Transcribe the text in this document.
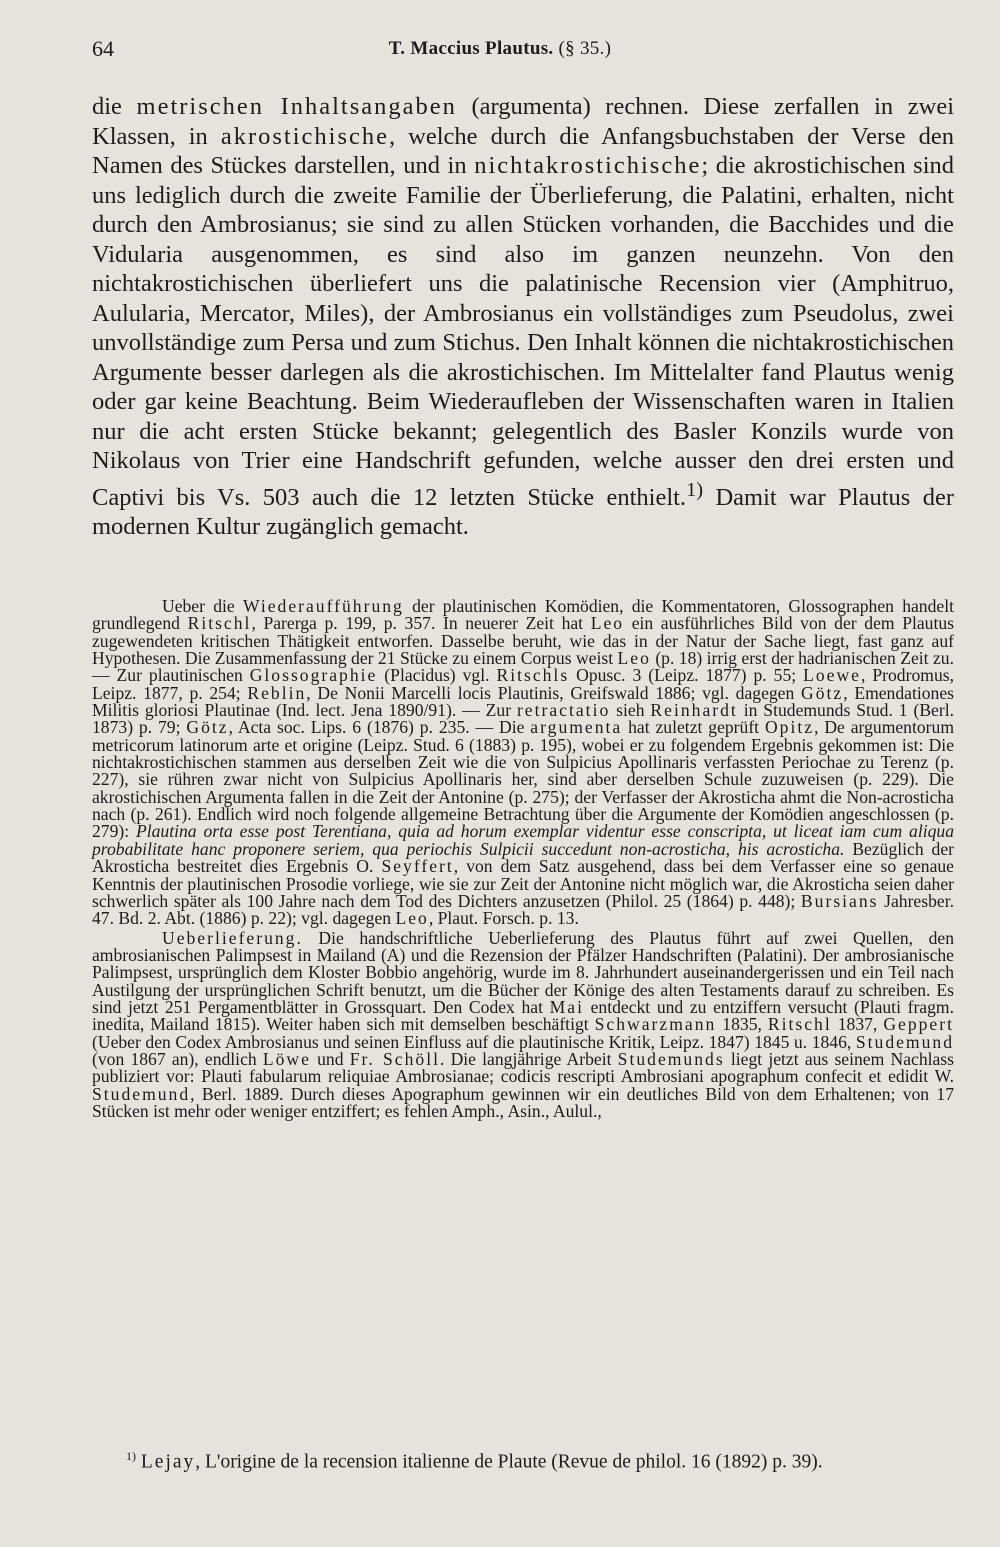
64	T. Maccius Plautus. (§ 35.)

die metrischen Inhaltsangaben (argumenta) rechnen. Diese zerfallen in zwei Klassen, in akrostichische, welche durch die Anfangsbuchstaben der Verse den Namen des Stückes darstellen, und in nichtakrostichische; die akrostichischen sind uns lediglich durch die zweite Familie der Überlieferung, die Palatini, erhalten, nicht durch den Ambrosianus; sie sind zu allen Stücken vorhanden, die Bacchides und die Vidularia ausgenommen, es sind also im ganzen neunzehn. Von den nichtakrostichischen überliefert uns die palatinische Recension vier (Amphitruo, Aulularia, Mercator, Miles), der Ambrosianus ein vollständiges zum Pseudolus, zwei unvollständige zum Persa und zum Stichus. Den Inhalt können die nichtakrostichischen Argumente besser darlegen als die akrostichischen. Im Mittelalter fand Plautus wenig oder gar keine Beachtung. Beim Wiederaufleben der Wissenschaften waren in Italien nur die acht ersten Stücke bekannt; gelegentlich des Basler Konzils wurde von Nikolaus von Trier eine Handschrift gefunden, welche ausser den drei ersten und Captivi bis Vs. 503 auch die 12 letzten Stücke enthielt.$^{1)}$ Damit war Plautus der modernen Kultur zugänglich gemacht.

Ueber die Wiederaufführung der plautinischen Komödien, die Kommentatoren, Glossographen handelt grundlegend Ritschl, Parerga p. 199, p. 357. In neuerer Zeit hat Leo ein ausführliches Bild von der dem Plautus zugewendeten kritischen Thätigkeit entworfen. Dasselbe beruht, wie das in der Natur der Sache liegt, fast ganz auf Hypothesen. Die Zusammenfassung der 21 Stücke zu einem Corpus weist Leo (p. 18) irrig erst der hadrianischen Zeit zu. — Zur plautinischen Glossographie (Placidus) vgl. Ritschls Opusc. 3 (Leipz. 1877) p. 55; Loewe, Prodromus, Leipz. 1877, p. 254; Reblin, De Nonii Marcelli locis Plautinis, Greifswald 1886; vgl. dagegen Götz, Emendationes Militis gloriosi Plautinae (Ind. lect. Jena 1890/91). — Zur retractatio sieh Reinhardt in Studemunds Stud. 1 (Berl. 1873) p. 79; Götz, Acta soc. Lips. 6 (1876) p. 235. — Die argumenta hat zuletzt geprüft Opitz, De argumentorum metricorum latinorum arte et origine (Leipz. Stud. 6 (1883) p. 195), wobei er zu folgendem Ergebnis gekommen ist: Die nichtakrostichischen stammen aus derselben Zeit wie die von Sulpicius Apollinaris verfassten Periochae zu Terenz (p. 227), sie rühren zwar nicht von Sulpicius Apollinaris her, sind aber derselben Schule zuzuweisen (p. 229). Die akrostichischen Argumenta fallen in die Zeit der Antonine (p. 275); der Verfasser der Akrosticha ahmt die Non-acrosticha nach (p. 261). Endlich wird noch folgende allgemeine Betrachtung über die Argumente der Komödien angeschlossen (p. 279): Plautina orta esse post Terentiana, quia ad horum exemplar videntur esse conscripta, ut liceat iam cum aliqua probabilitate hanc proponere seriem, qua periochis Sulpicii succedunt non-acrosticha, his acrosticha. Bezüglich der Akrosticha bestreitet dies Ergebnis O. Seyffert, von dem Satz ausgehend, dass bei dem Verfasser eine so genaue Kenntnis der plautinischen Prosodie vorliege, wie sie zur Zeit der Antonine nicht möglich war, die Akrosticha seien daher schwerlich später als 100 Jahre nach dem Tod des Dichters anzusetzen (Philol. 25 (1864) p. 448); Bursians Jahresber. 47. Bd. 2. Abt. (1886) p. 22); vgl. dagegen Leo, Plaut. Forsch. p. 13.

Ueberlieferung. Die handschriftliche Ueberlieferung des Plautus führt auf zwei Quellen, den ambrosianischen Palimpsest in Mailand (A) und die Rezension der Pfälzer Handschriften (Palatini). Der ambrosianische Palimpsest, ursprünglich dem Kloster Bobbio angehörig, wurde im 8. Jahrhundert auseinandergerissen und ein Teil nach Austilgung der ursprünglichen Schrift benutzt, um die Bücher der Könige des alten Testaments darauf zu schreiben. Es sind jetzt 251 Pergamentblätter in Grossquart. Den Codex hat Mai entdeckt und zu entziffern versucht (Plauti fragm. inedita, Mailand 1815). Weiter haben sich mit demselben beschäftigt Schwarzmann 1835, Ritschl 1837, Geppert (Ueber den Codex Ambrosianus und seinen Einfluss auf die plautinische Kritik, Leipz. 1847) 1845 u. 1846, Studemund (von 1867 an), endlich Löwe und Fr. Schöll. Die langjährige Arbeit Studemunds liegt jetzt aus seinem Nachlass publiziert vor: Plauti fabularum reliquiae Ambrosianae; codicis rescripti Ambrosiani apographum confecit et edidit W. Studemund, Berl. 1889. Durch dieses Apographum gewinnen wir ein deutliches Bild von dem Erhaltenen; von 17 Stücken ist mehr oder weniger entziffert; es fehlen Amph., Asin., Aulul.,

$^{1)}$ Lejay, L'origine de la recension italienne de Plaute (Revue de philol. 16 (1892) p. 39).
